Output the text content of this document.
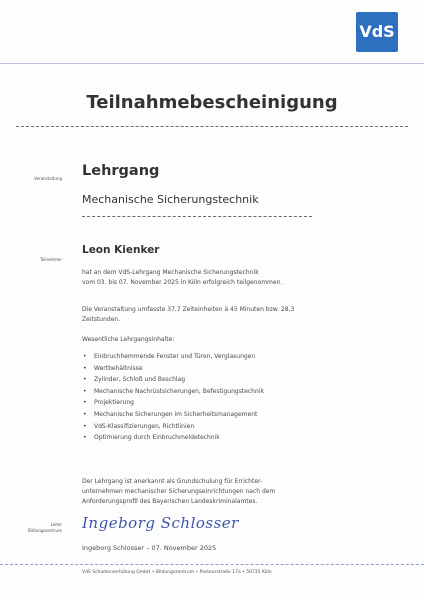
VdS
Teilnahmebescheinigung
Veranstaltung Lehrgang
Mechanische Sicherungstechnik
Teilnehmer
Leon Kienker
hat an dem VdS-Lehrgang Mechanische Sicherungstechnik
vom 03. bis 07. November 2025 in Köln erfolgreich teilgenommen.
Die Veranstaltung umfasste 37,7 Zeiteinheiten à 45 Minuten bzw. 28,3
Zeitstunden.
Wesentliche Lehrgangsinhalte:
• Einbruchhemmende Fenster und Türen, Verglasungen
• Wertbehältnisse
• Zylinder, Schloß und Beschlag
• Mechanische Nachrüstsicherungen, Befestigungstechnik
• Projektierung
• Mechanische Sicherungen im Sicherheitsmanagement
• VdS-Klassifizierungen, Richtlinien
• Optimierung durch Einbruchmeldetechnik
Der Lehrgang ist anerkannt als Grundschulung für Errichter-
unternehmen mechanischer Sicherungseinrichtungen nach dem
Anforderungsprofil des Bayerischen Landeskriminalamtes.
Leiter
Bildungszentrum Ingeborg Schlosser
Ingeborg Schlosser – 07. November 2025
VdS Schadenverhütung GmbH • Bildungszentrum • Pasteurstraße 17a • 50735 Köln
